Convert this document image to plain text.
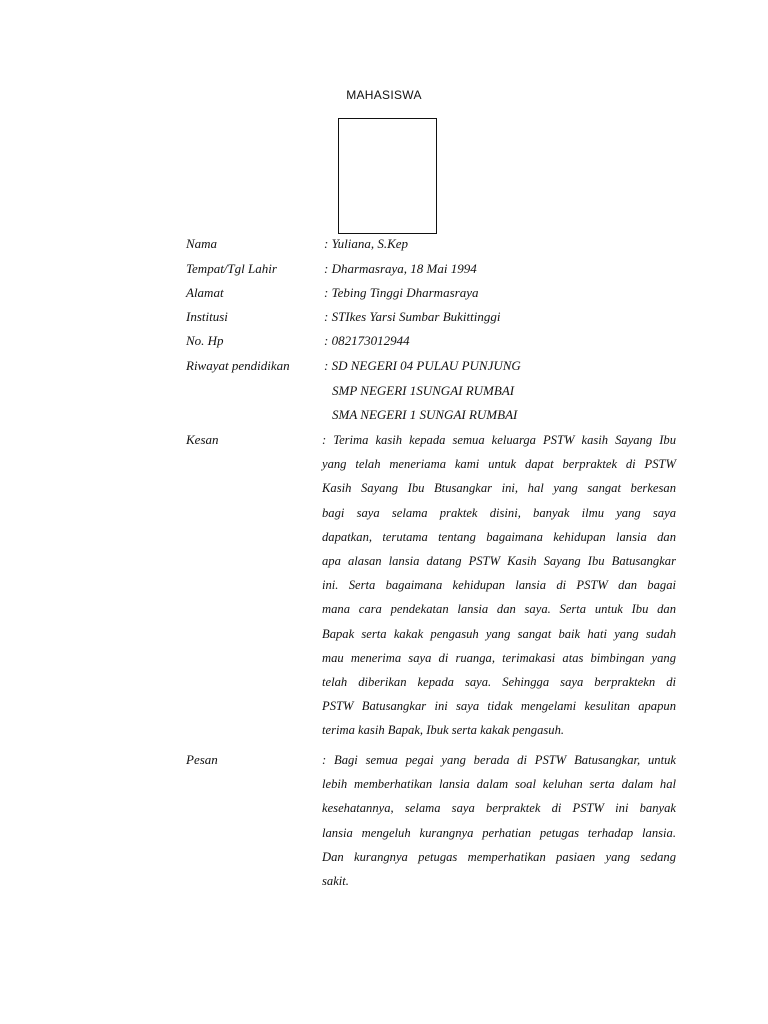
MAHASISWA
Nama	: Yuliana, S.Kep
Tempat/Tgl Lahir	: Dharmasraya, 18 Mai 1994
Alamat	: Tebing Tinggi Dharmasraya
Institusi	: STIkes Yarsi Sumbar Bukittinggi
No. Hp	: 082173012944
Riwayat pendidikan	: SD NEGERI 04 PULAU PUNJUNG
SMP NEGERI 1SUNGAI RUMBAI
SMA NEGERI 1 SUNGAI RUMBAI
Kesan	: Terima kasih kepada semua keluarga PSTW kasih Sayang Ibu
yang telah meneriama kami untuk dapat berpraktek di PSTW
Kasih Sayang Ibu Btusangkar ini, hal yang sangat berkesan
bagi saya selama praktek disini, banyak ilmu yang saya
dapatkan, terutama tentang bagaimana kehidupan lansia dan
apa alasan lansia datang PSTW Kasih Sayang Ibu Batusangkar
ini. Serta bagaimana kehidupan lansia di PSTW dan bagai
mana cara pendekatan lansia dan saya. Serta untuk Ibu dan
Bapak serta kakak pengasuh yang sangat baik hati yang sudah
mau menerima saya di ruanga, terimakasi atas bimbingan yang
telah diberikan kepada saya. Sehingga saya berpraktekn di
PSTW Batusangkar ini saya tidak mengelami kesulitan apapun
terima kasih Bapak, Ibuk serta kakak pengasuh.
Pesan	: Bagi semua pegai yang berada di PSTW Batusangkar, untuk
lebih memberhatikan lansia dalam soal keluhan serta dalam hal
kesehatannya, selama saya berpraktek di PSTW ini banyak
lansia mengeluh kurangnya perhatian petugas terhadap lansia.
Dan kurangnya petugas memperhatikan pasiaen yang sedang
sakit.
